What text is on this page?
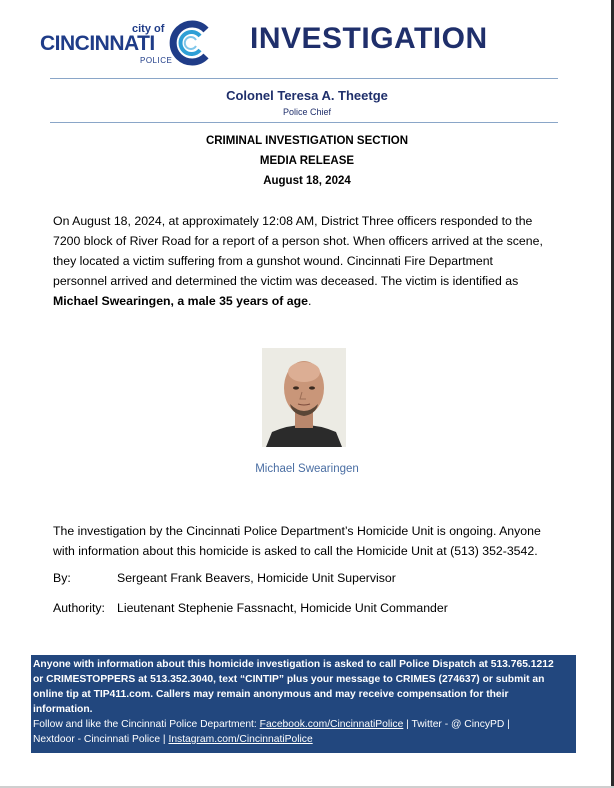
city of
CINCINNATI
POLICE
INVESTIGATION
Colonel Teresa A. Theetge
Police Chief
CRIMINAL INVESTIGATION SECTION
MEDIA RELEASE
August 18, 2024
On August 18, 2024, at approximately 12:08 AM, District Three officers responded to the
7200 block of River Road for a report of a person shot. When officers arrived at the scene,
they located a victim suffering from a gunshot wound. Cincinnati Fire Department
personnel arrived and determined the victim was deceased. The victim is identified as
Michael Swearingen, a male 35 years of age.
Michael Swearingen
The investigation by the Cincinnati Police Department’s Homicide Unit is ongoing. Anyone
with information about this homicide is asked to call the Homicide Unit at (513) 352-3542.
By:	Sergeant Frank Beavers, Homicide Unit Supervisor
Authority: Lieutenant Stephenie Fassnacht, Homicide Unit Commander
Anyone with information about this homicide investigation is asked to call Police Dispatch at 513.765.1212
or CRIMESTOPPERS at 513.352.3040, text “CINTIP” plus your message to CRIMES (274637) or submit an
online tip at TIP411.com. Callers may remain anonymous and may receive compensation for their
information.
Follow and like the Cincinnati Police Department: Facebook.com/CincinnatiPolice | Twitter - @ CincyPD |
Nextdoor - Cincinnati Police | Instagram.com/CincinnatiPolice
